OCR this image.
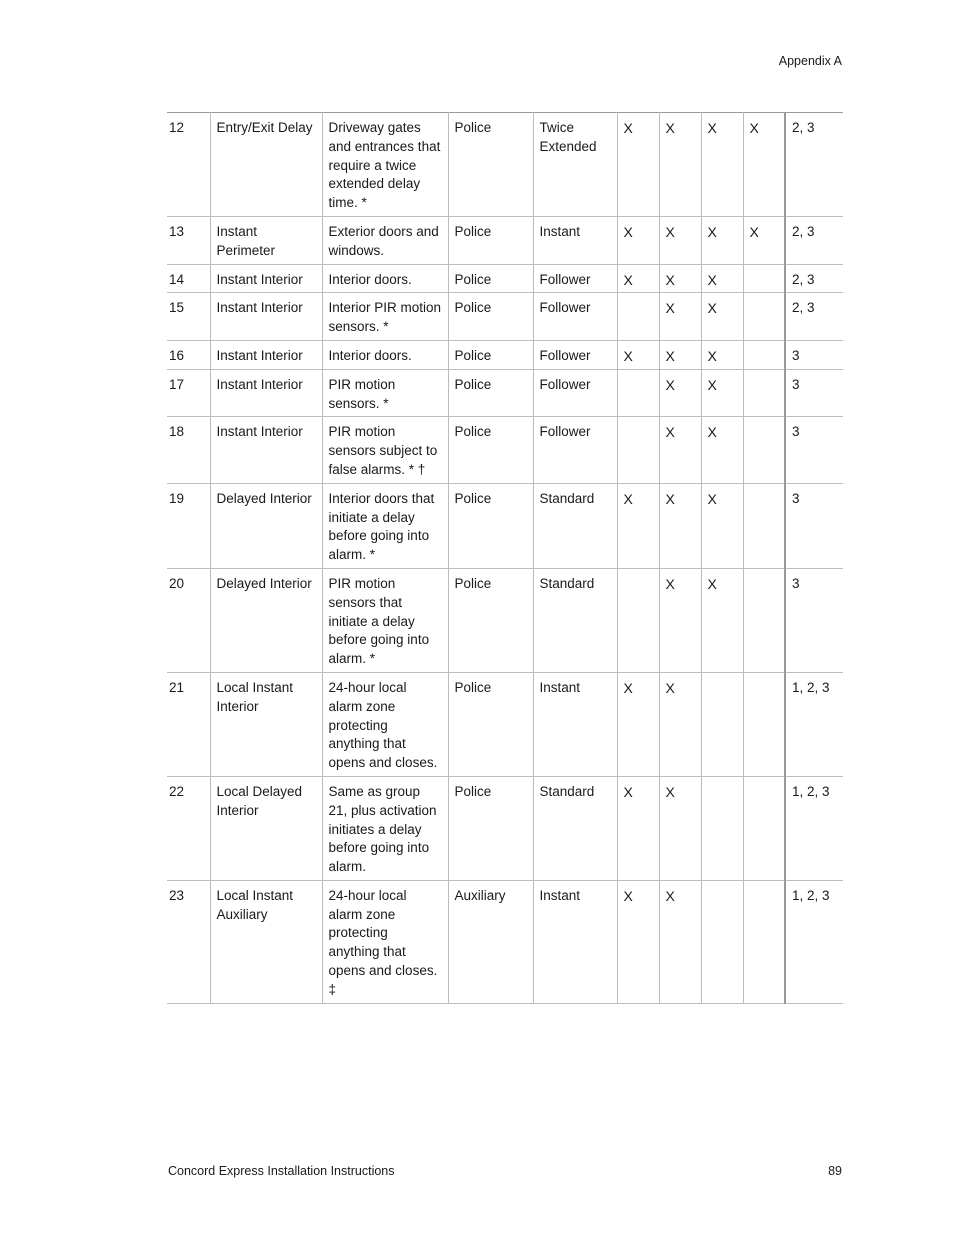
Appendix A
12	Entry/Exit Delay	Driveway gates and entrances that require a twice extended delay time. *	Police	Twice Extended	X	X	X	X	2, 3
13	Instant Perimeter	Exterior doors and windows.	Police	Instant	X	X	X	X	2, 3
14	Instant Interior	Interior doors.	Police	Follower	X	X	X		2, 3
15	Instant Interior	Interior PIR motion sensors. *	Police	Follower		X	X		2, 3
16	Instant Interior	Interior doors.	Police	Follower	X	X	X		3
17	Instant Interior	PIR motion sensors. *	Police	Follower		X	X		3
18	Instant Interior	PIR motion sensors subject to false alarms. * †	Police	Follower		X	X		3
19	Delayed Interior	Interior doors that initiate a delay before going into alarm. *	Police	Standard	X	X	X		3
20	Delayed Interior	PIR motion sensors that initiate a delay before going into alarm. *	Police	Standard		X	X		3
21	Local Instant Interior	24-hour local alarm zone protecting anything that opens and closes.	Police	Instant	X	X			1, 2, 3
22	Local Delayed Interior	Same as group 21, plus activation initiates a delay before going into alarm.	Police	Standard	X	X			1, 2, 3
23	Local Instant Auxiliary	24-hour local alarm zone protecting anything that opens and closes. ‡	Auxiliary	Instant	X	X			1, 2, 3
Concord Express Installation Instructions	89
